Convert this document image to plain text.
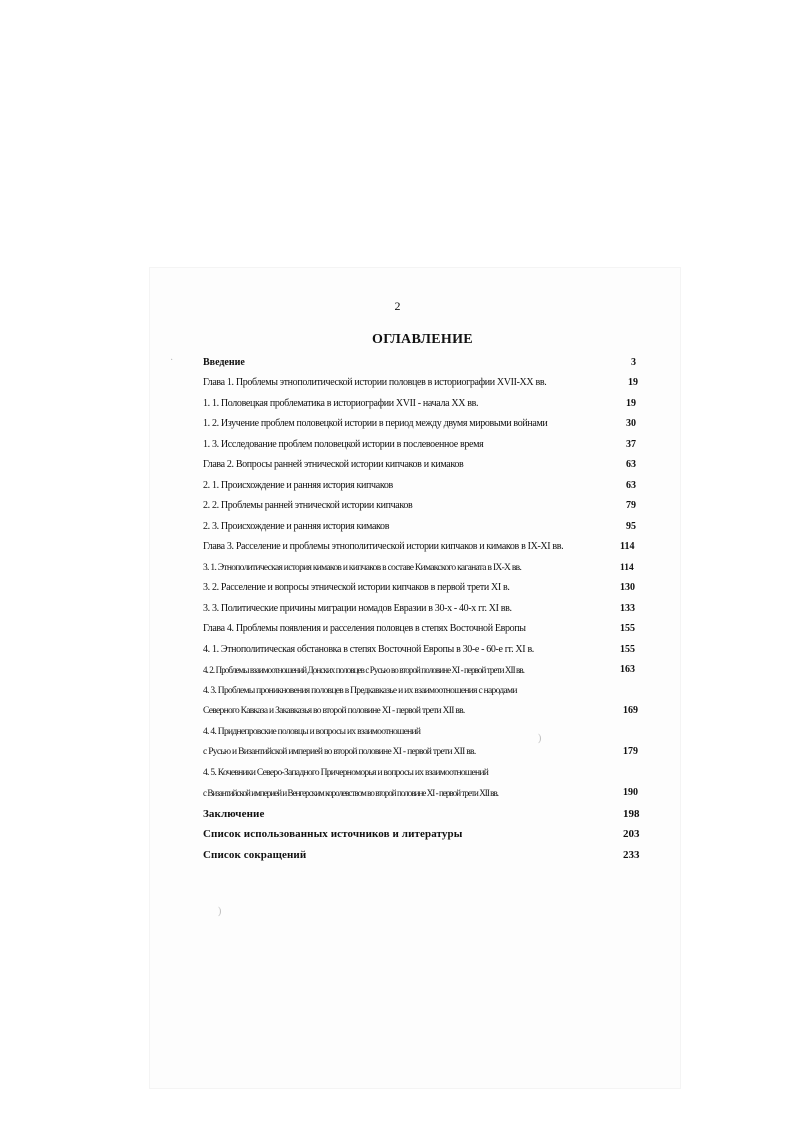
2
ОГЛАВЛЕНИЕ
Введение	3
Глава 1. Проблемы этнополитической истории половцев в историографии XVII-XX вв.	19
1. 1. Половецкая проблематика в историографии XVII - начала XX вв.	19
1. 2. Изучение проблем половецкой истории в период между двумя мировыми войнами	30
1. 3. Исследование проблем половецкой истории в послевоенное время	37
Глава 2. Вопросы ранней этнической истории кипчаков и кимаков	63
2. 1. Происхождение и ранняя история кипчаков	63
2. 2. Проблемы ранней этнической истории кипчаков	79
2. 3. Происхождение и ранняя история кимаков	95
Глава 3. Расселение и проблемы этнополитической истории кипчаков и кимаков в IX-XI вв.	114
3. 1. Этнополитическая история кимаков и кипчаков в составе Кимакского каганата в IX-X вв.	114
3. 2. Расселение и вопросы этнической истории кипчаков в первой трети XI в.	130
3. 3. Политические причины миграции номадов Евразии в 30-х - 40-х гг. XI вв.	133
Глава 4. Проблемы появления и расселения половцев в степях Восточной Европы	155
4. 1. Этнополитическая обстановка в степях Восточной Европы в 30-е - 60-е гг. XI в.	155
4. 2. Проблемы взаимоотношений Донских половцев с Русью во второй половине XI - первой трети XII вв.	163
4. 3. Проблемы проникновения половцев в Предкавказье и их взаимоотношения с народами
Северного Кавказа и Закавказья во второй половине XI - первой трети XII вв.	169
4. 4. Приднепровские половцы и вопросы их взаимоотношений
с Русью и Византийской империей во второй половине XI - первой трети XII вв.	179
4. 5. Кочевники Северо-Западного Причерноморья и вопросы их взаимоотношений
с Византийской империей и Венгерским королевством во второй половине XI - первой трети XII вв.	190
Заключение	198
Список использованных источников и литературы	203
Список сокращений	233
·
)
)
